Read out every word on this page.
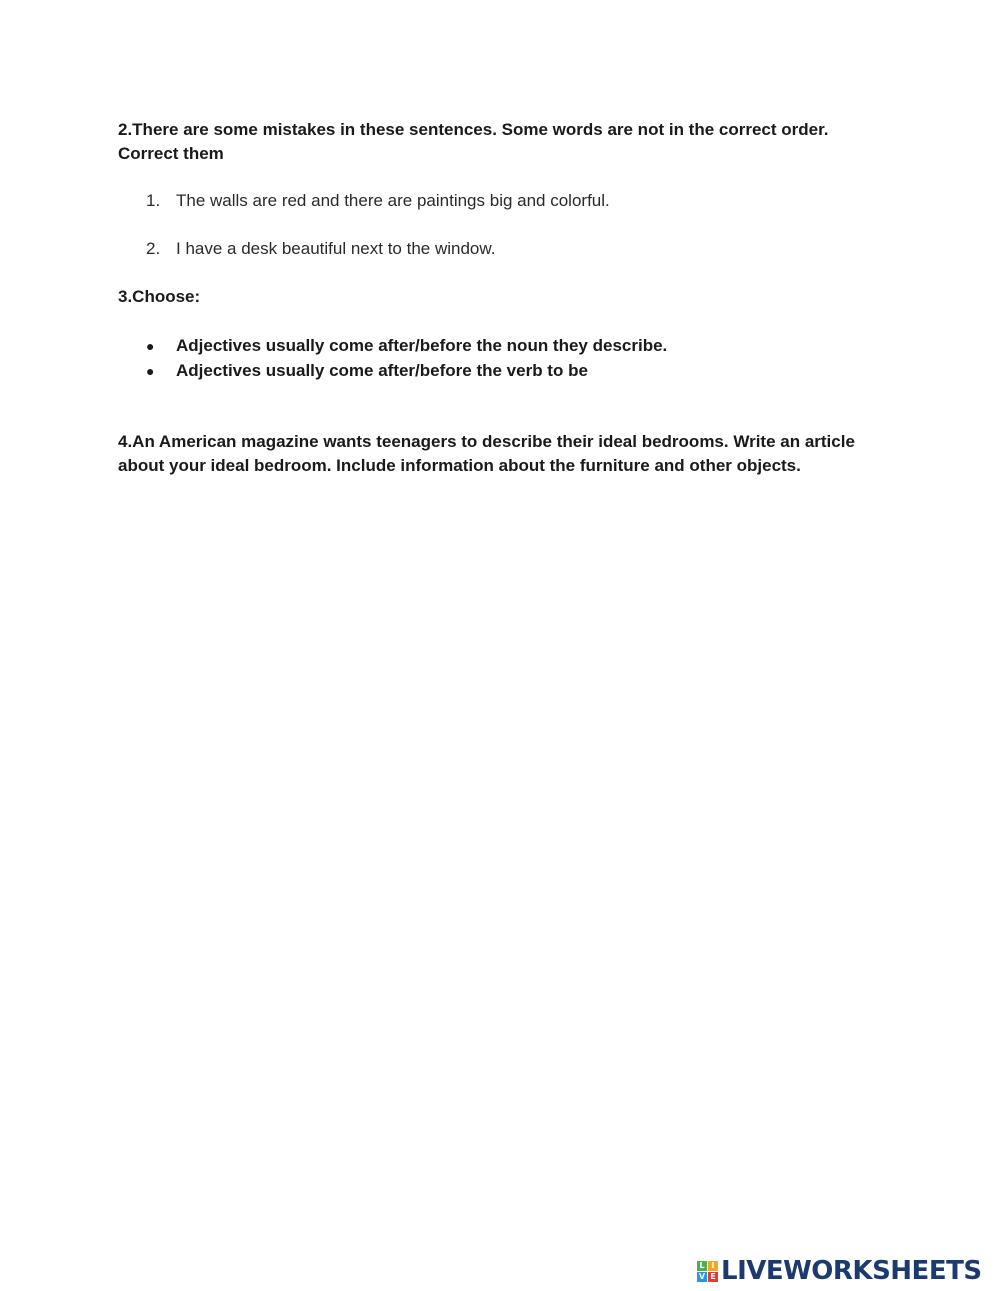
2.There are some mistakes in these sentences. Some words are not in the correct order. Correct them
1. The walls are red and there are paintings big and colorful.
2. I have a desk beautiful next to the window.
3.Choose:
● Adjectives usually come after/before the noun they describe.
● Adjectives usually come after/before the verb to be
4.An American magazine wants teenagers to describe their ideal bedrooms. Write an article about your ideal bedroom. Include information about the furniture and other objects.
L I
V E LIVEWORKSHEETS
